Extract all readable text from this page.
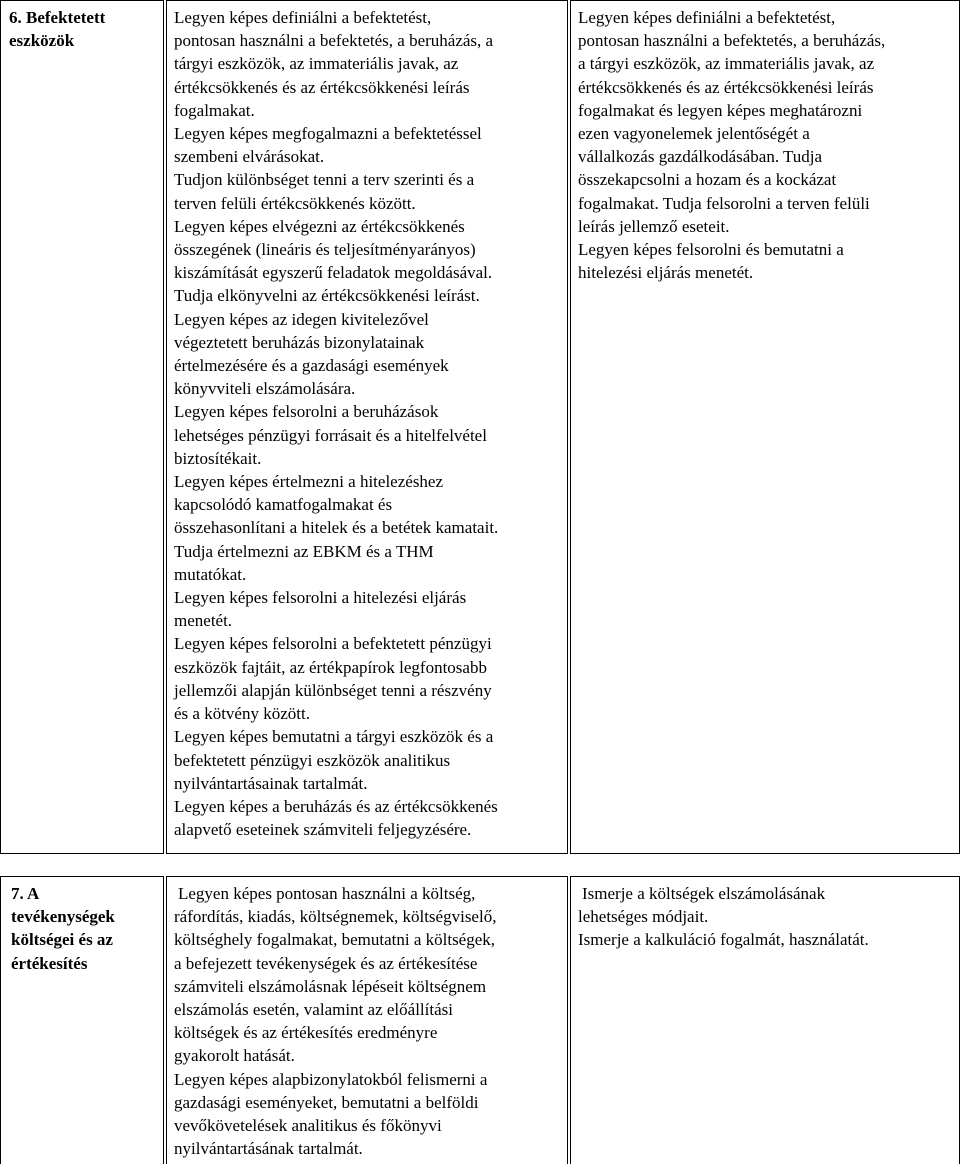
6. Befektetett
eszközök
Legyen képes definiálni a befektetést,
pontosan használni a befektetés, a beruházás, a
tárgyi eszközök, az immateriális javak, az
értékcsökkenés és az értékcsökkenési leírás
fogalmakat.
Legyen képes megfogalmazni a befektetéssel
szembeni elvárásokat.
Tudjon különbséget tenni a terv szerinti és a
terven felüli értékcsökkenés között.
Legyen képes elvégezni az értékcsökkenés
összegének (lineáris és teljesítményarányos)
kiszámítását egyszerű feladatok megoldásával.
Tudja elkönyvelni az értékcsökkenési leírást.
Legyen képes az idegen kivitelezővel
végeztetett beruházás bizonylatainak
értelmezésére és a gazdasági események
könyvviteli elszámolására.
Legyen képes felsorolni a beruházások
lehetséges pénzügyi forrásait és a hitelfelvétel
biztosítékait.
Legyen képes értelmezni a hitelezéshez
kapcsolódó kamatfogalmakat és
összehasonlítani a hitelek és a betétek kamatait.
Tudja értelmezni az EBKM és a THM
mutatókat.
Legyen képes felsorolni a hitelezési eljárás
menetét.
Legyen képes felsorolni a befektetett pénzügyi
eszközök fajtáit, az értékpapírok legfontosabb
jellemzői alapján különbséget tenni a részvény
és a kötvény között.
Legyen képes bemutatni a tárgyi eszközök és a
befektetett pénzügyi eszközök analitikus
nyilvántartásainak tartalmát.
Legyen képes a beruházás és az értékcsökkenés
alapvető eseteinek számviteli feljegyzésére.
Legyen képes definiálni a befektetést,
pontosan használni a befektetés, a beruházás,
a tárgyi eszközök, az immateriális javak, az
értékcsökkenés és az értékcsökkenési leírás
fogalmakat és legyen képes meghatározni
ezen vagyonelemek jelentőségét a
vállalkozás gazdálkodásában. Tudja
összekapcsolni a hozam és a kockázat
fogalmakat. Tudja felsorolni a terven felüli
leírás jellemző eseteit.
Legyen képes felsorolni és bemutatni a
hitelezési eljárás menetét.
7. A
tevékenységek
költségei és az
értékesítés
Legyen képes pontosan használni a költség,
ráfordítás, kiadás, költségnemek, költségviselő,
költséghely fogalmakat, bemutatni a költségek,
a befejezett tevékenységek és az értékesítése
számviteli elszámolásnak lépéseit költségnem
elszámolás esetén, valamint az előállítási
költségek és az értékesítés eredményre
gyakorolt hatását.
Legyen képes alapbizonylatokból felismerni a
gazdasági eseményeket, bemutatni a belföldi
vevőkövetelések analitikus és főkönyvi
nyilvántartásának tartalmát.
Ismerje a költségek elszámolásának
lehetséges módjait.
Ismerje a kalkuláció fogalmát, használatát.
